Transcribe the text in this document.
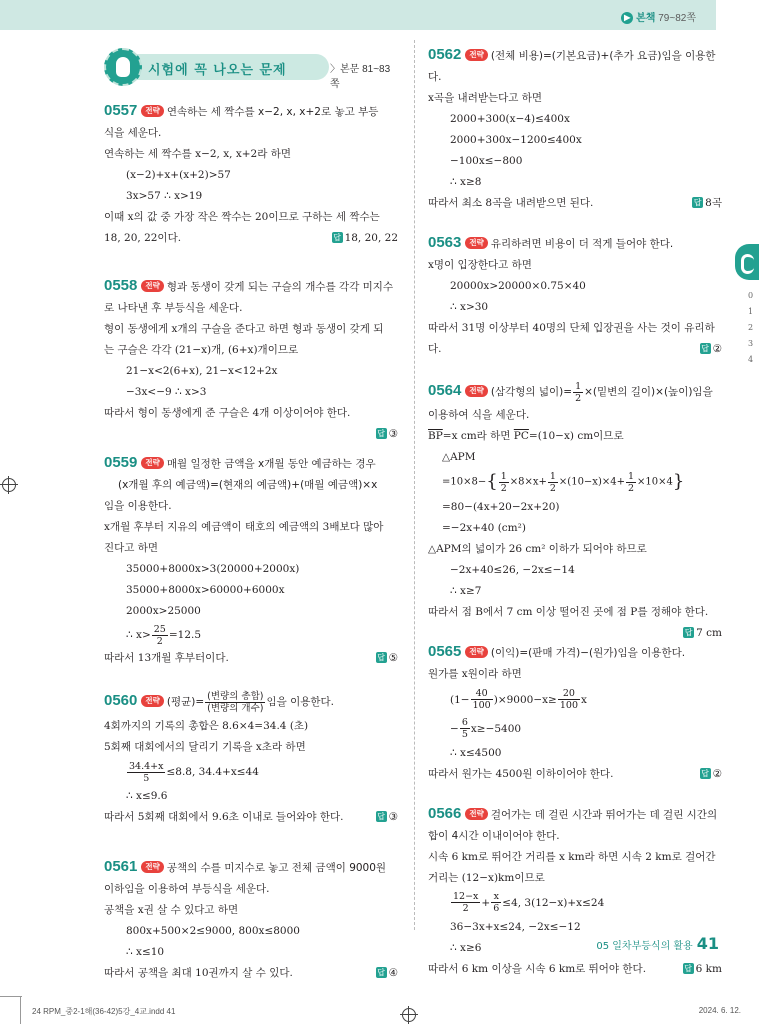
▶ 본책 79~82쪽
0
1
2
3
4
시험에 꼭 나오는 문제	〉본문 81~83쪽
0557 전략 연속하는 세 짝수를 x−2, x, x+2로 놓고 부등
식을 세운다.
연속하는 세 짝수를 x−2, x, x+2라 하면
(x−2)+x+(x+2)>57
3x>57 ∴ x>19
이때 x의 값 중 가장 작은 짝수는 20이므로 구하는 세 짝수는
18, 20, 22이다.	답 18, 20, 22
0558 전략 형과 동생이 갖게 되는 구슬의 개수를 각각 미지수
로 나타낸 후 부등식을 세운다.
형이 동생에게 x개의 구슬을 준다고 하면 형과 동생이 갖게 되
는 구슬은 각각 (21−x)개, (6+x)개이므로
21−x<2(6+x), 21−x<12+2x
−3x<−9 ∴ x>3
따라서 형이 동생에게 준 구슬은 4개 이상이어야 한다.
답 ③
0559 전략 매월 일정한 금액을 x개월 동안 예금하는 경우
(x개월 후의 예금액)=(현재의 예금액)+(매월 예금액)×x
임을 이용한다.
x개월 후부터 지유의 예금액이 태호의 예금액의 3배보다 많아
진다고 하면
35000+8000x>3(20000+2000x)
35000+8000x>60000+6000x
2000x>25000
∴ $x> \frac{25}{2} =12.5$
따라서 13개월 후부터이다.	답 ⑤
0560 전략 (평균)= $\frac{\text{(변량의 총합)}}{\text{(변량의 개수)}}$ 임을 이용한다.
4회까지의 기록의 총합은 8.6×4=34.4 (초)
5회째 대회에서의 달리기 기록을 x초라 하면
$\frac{34.4+x}{5} \le 8.8$, 34.4+x≤44
∴ x≤9.6
따라서 5회째 대회에서 9.6초 이내로 들어와야 한다.	답 ③
0561 전략 공책의 수를 미지수로 놓고 전체 금액이 9000원
이하임을 이용하여 부등식을 세운다.
공책을 x권 살 수 있다고 하면
800x+500×2≤9000, 800x≤8000
∴ x≤10
따라서 공책을 최대 10권까지 살 수 있다.	답 ④
0562 전략 (전체 비용)=(기본요금)+(추가 요금)임을 이용한
다.
x곡을 내려받는다고 하면
2000+300(x−4)≤400x
2000+300x−1200≤400x
−100x≤−800
∴ x≥8
따라서 최소 8곡을 내려받으면 된다.	답 8곡
0563 전략 유리하려면 비용이 더 적게 들어야 한다.
x명이 입장한다고 하면
20000x>20000×0.75×40
∴ x>30
따라서 31명 이상부터 40명의 단체 입장권을 사는 것이 유리하
다.	답 ②
0564 전략 (삼각형의 넓이)= $\frac{1}{2}$ ×(밑변의 길이)×(높이)임을
이용하여 식을 세운다.
$\overline{BP}=x$ cm라 하면 $\overline{PC}=(10-x)$ cm이므로
△APM
$=10\times 8-\{ \frac{1}{2} \times 8\times x+ \frac{1}{2} \times(10-x)\times 4+ \frac{1}{2} \times 10\times 4\}$
=80−(4x+20−2x+20)
=−2x+40 (cm²)
△APM의 넓이가 26 cm² 이하가 되어야 하므로
−2x+40≤26, −2x≤−14
∴ x≥7
따라서 점 B에서 7 cm 이상 떨어진 곳에 점 P를 정해야 한다.
답 7 cm
0565 전략 (이익)=(판매 가격)−(원가)임을 이용한다.
원가를 x원이라 하면
$(1- \frac{40}{100} )\times 9000-x\ge \frac{20}{100}$ x
− $\frac{6}{5} x\ge-5400$
∴ x≤4500
따라서 원가는 4500원 이하이어야 한다.	답 ②
0566 전략 걸어가는 데 걸린 시간과 뛰어가는 데 걸린 시간의
합이 4시간 이내이어야 한다.
시속 6 km로 뛰어간 거리를 x km라 하면 시속 2 km로 걸어간
거리는 (12−x)km이므로
$\frac{12-x}{2} + \frac{x}{6} \le 4$, 3(12−x)+x≤24
36−3x+x≤24, −2x≤−12
∴ x≥6
따라서 6 km 이상을 시속 6 km로 뛰어야 한다.	답 6 km
05 일차부등식의 활용 41
24 RPM_중2-1해(36-42)5강_4교.indd 41	2024. 6. 12.
